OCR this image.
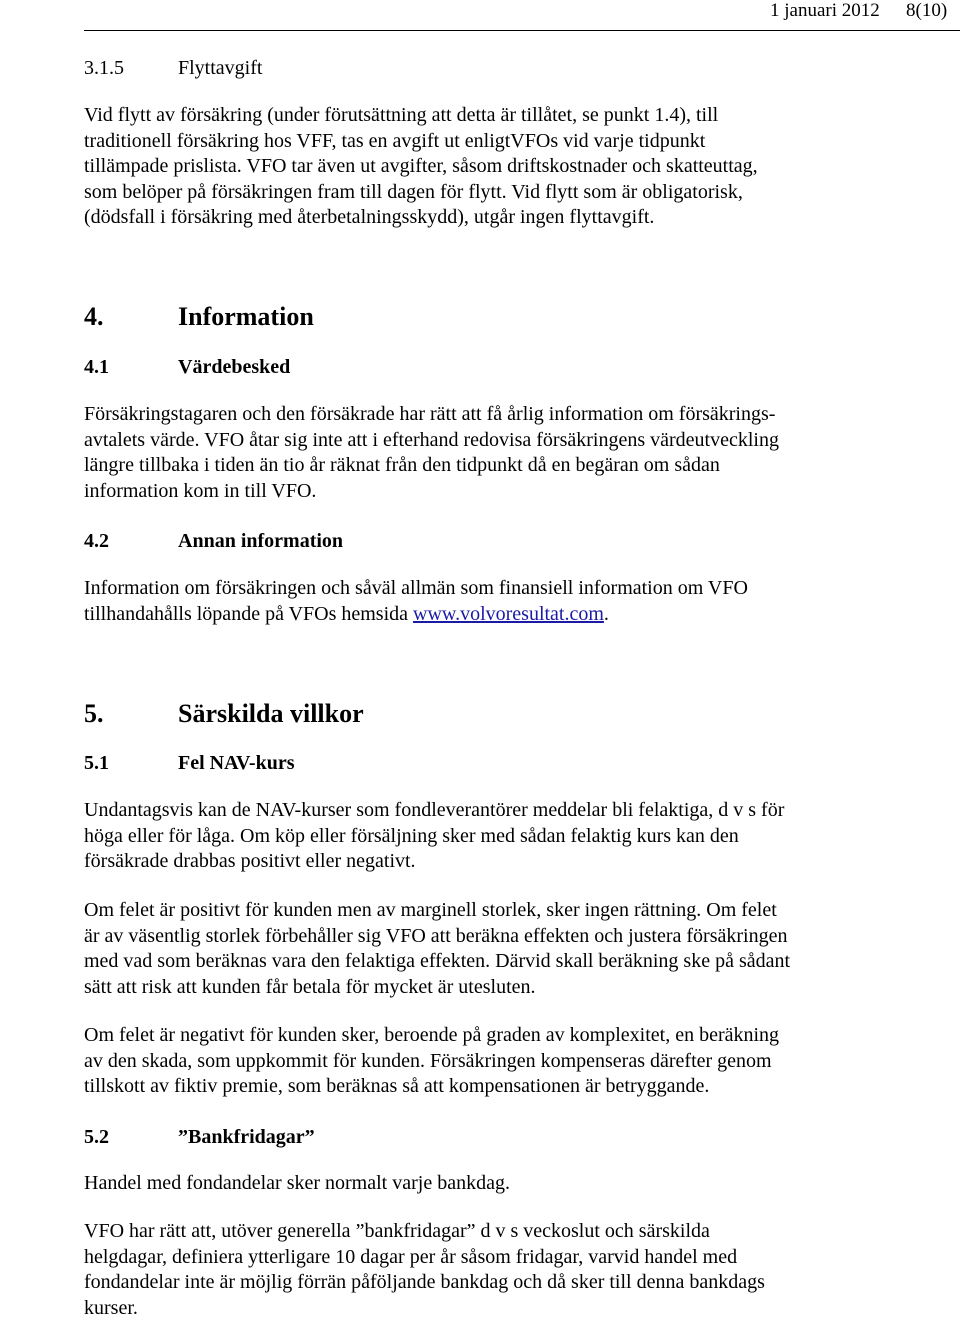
1 januari 2012 8(10)
3.1.5	Flyttavgift
Vid flytt av försäkring (under förutsättning att detta är tillåtet, se punkt 1.4), till
traditionell försäkring hos VFF, tas en avgift ut enligtVFOs vid varje tidpunkt
tillämpade prislista. VFO tar även ut avgifter, såsom driftskostnader och skatteuttag,
som belöper på försäkringen fram till dagen för flytt. Vid flytt som är obligatorisk,
(dödsfall i försäkring med återbetalningsskydd), utgår ingen flyttavgift.
4.	Information
4.1	Värdebesked
Försäkringstagaren och den försäkrade har rätt att få årlig information om försäkrings-
avtalets värde. VFO åtar sig inte att i efterhand redovisa försäkringens värdeutveckling
längre tillbaka i tiden än tio år räknat från den tidpunkt då en begäran om sådan
information kom in till VFO.
4.2	Annan information
Information om försäkringen och såväl allmän som finansiell information om VFO
tillhandahålls löpande på VFOs hemsida www.volvoresultat.com.
5.	Särskilda villkor
5.1	Fel NAV-kurs
Undantagsvis kan de NAV-kurser som fondleverantörer meddelar bli felaktiga, d v s för
höga eller för låga. Om köp eller försäljning sker med sådan felaktig kurs kan den
försäkrade drabbas positivt eller negativt.
Om felet är positivt för kunden men av marginell storlek, sker ingen rättning. Om felet
är av väsentlig storlek förbehåller sig VFO att beräkna effekten och justera försäkringen
med vad som beräknas vara den felaktiga effekten. Därvid skall beräkning ske på sådant
sätt att risk att kunden får betala för mycket är utesluten.
Om felet är negativt för kunden sker, beroende på graden av komplexitet, en beräkning
av den skada, som uppkommit för kunden. Försäkringen kompenseras därefter genom
tillskott av fiktiv premie, som beräknas så att kompensationen är betryggande.
5.2	”Bankfridagar”
Handel med fondandelar sker normalt varje bankdag.
VFO har rätt att, utöver generella ”bankfridagar” d v s veckoslut och särskilda
helgdagar, definiera ytterligare 10 dagar per år såsom fridagar, varvid handel med
fondandelar inte är möjlig förrän påföljande bankdag och då sker till denna bankdags
kurser.
